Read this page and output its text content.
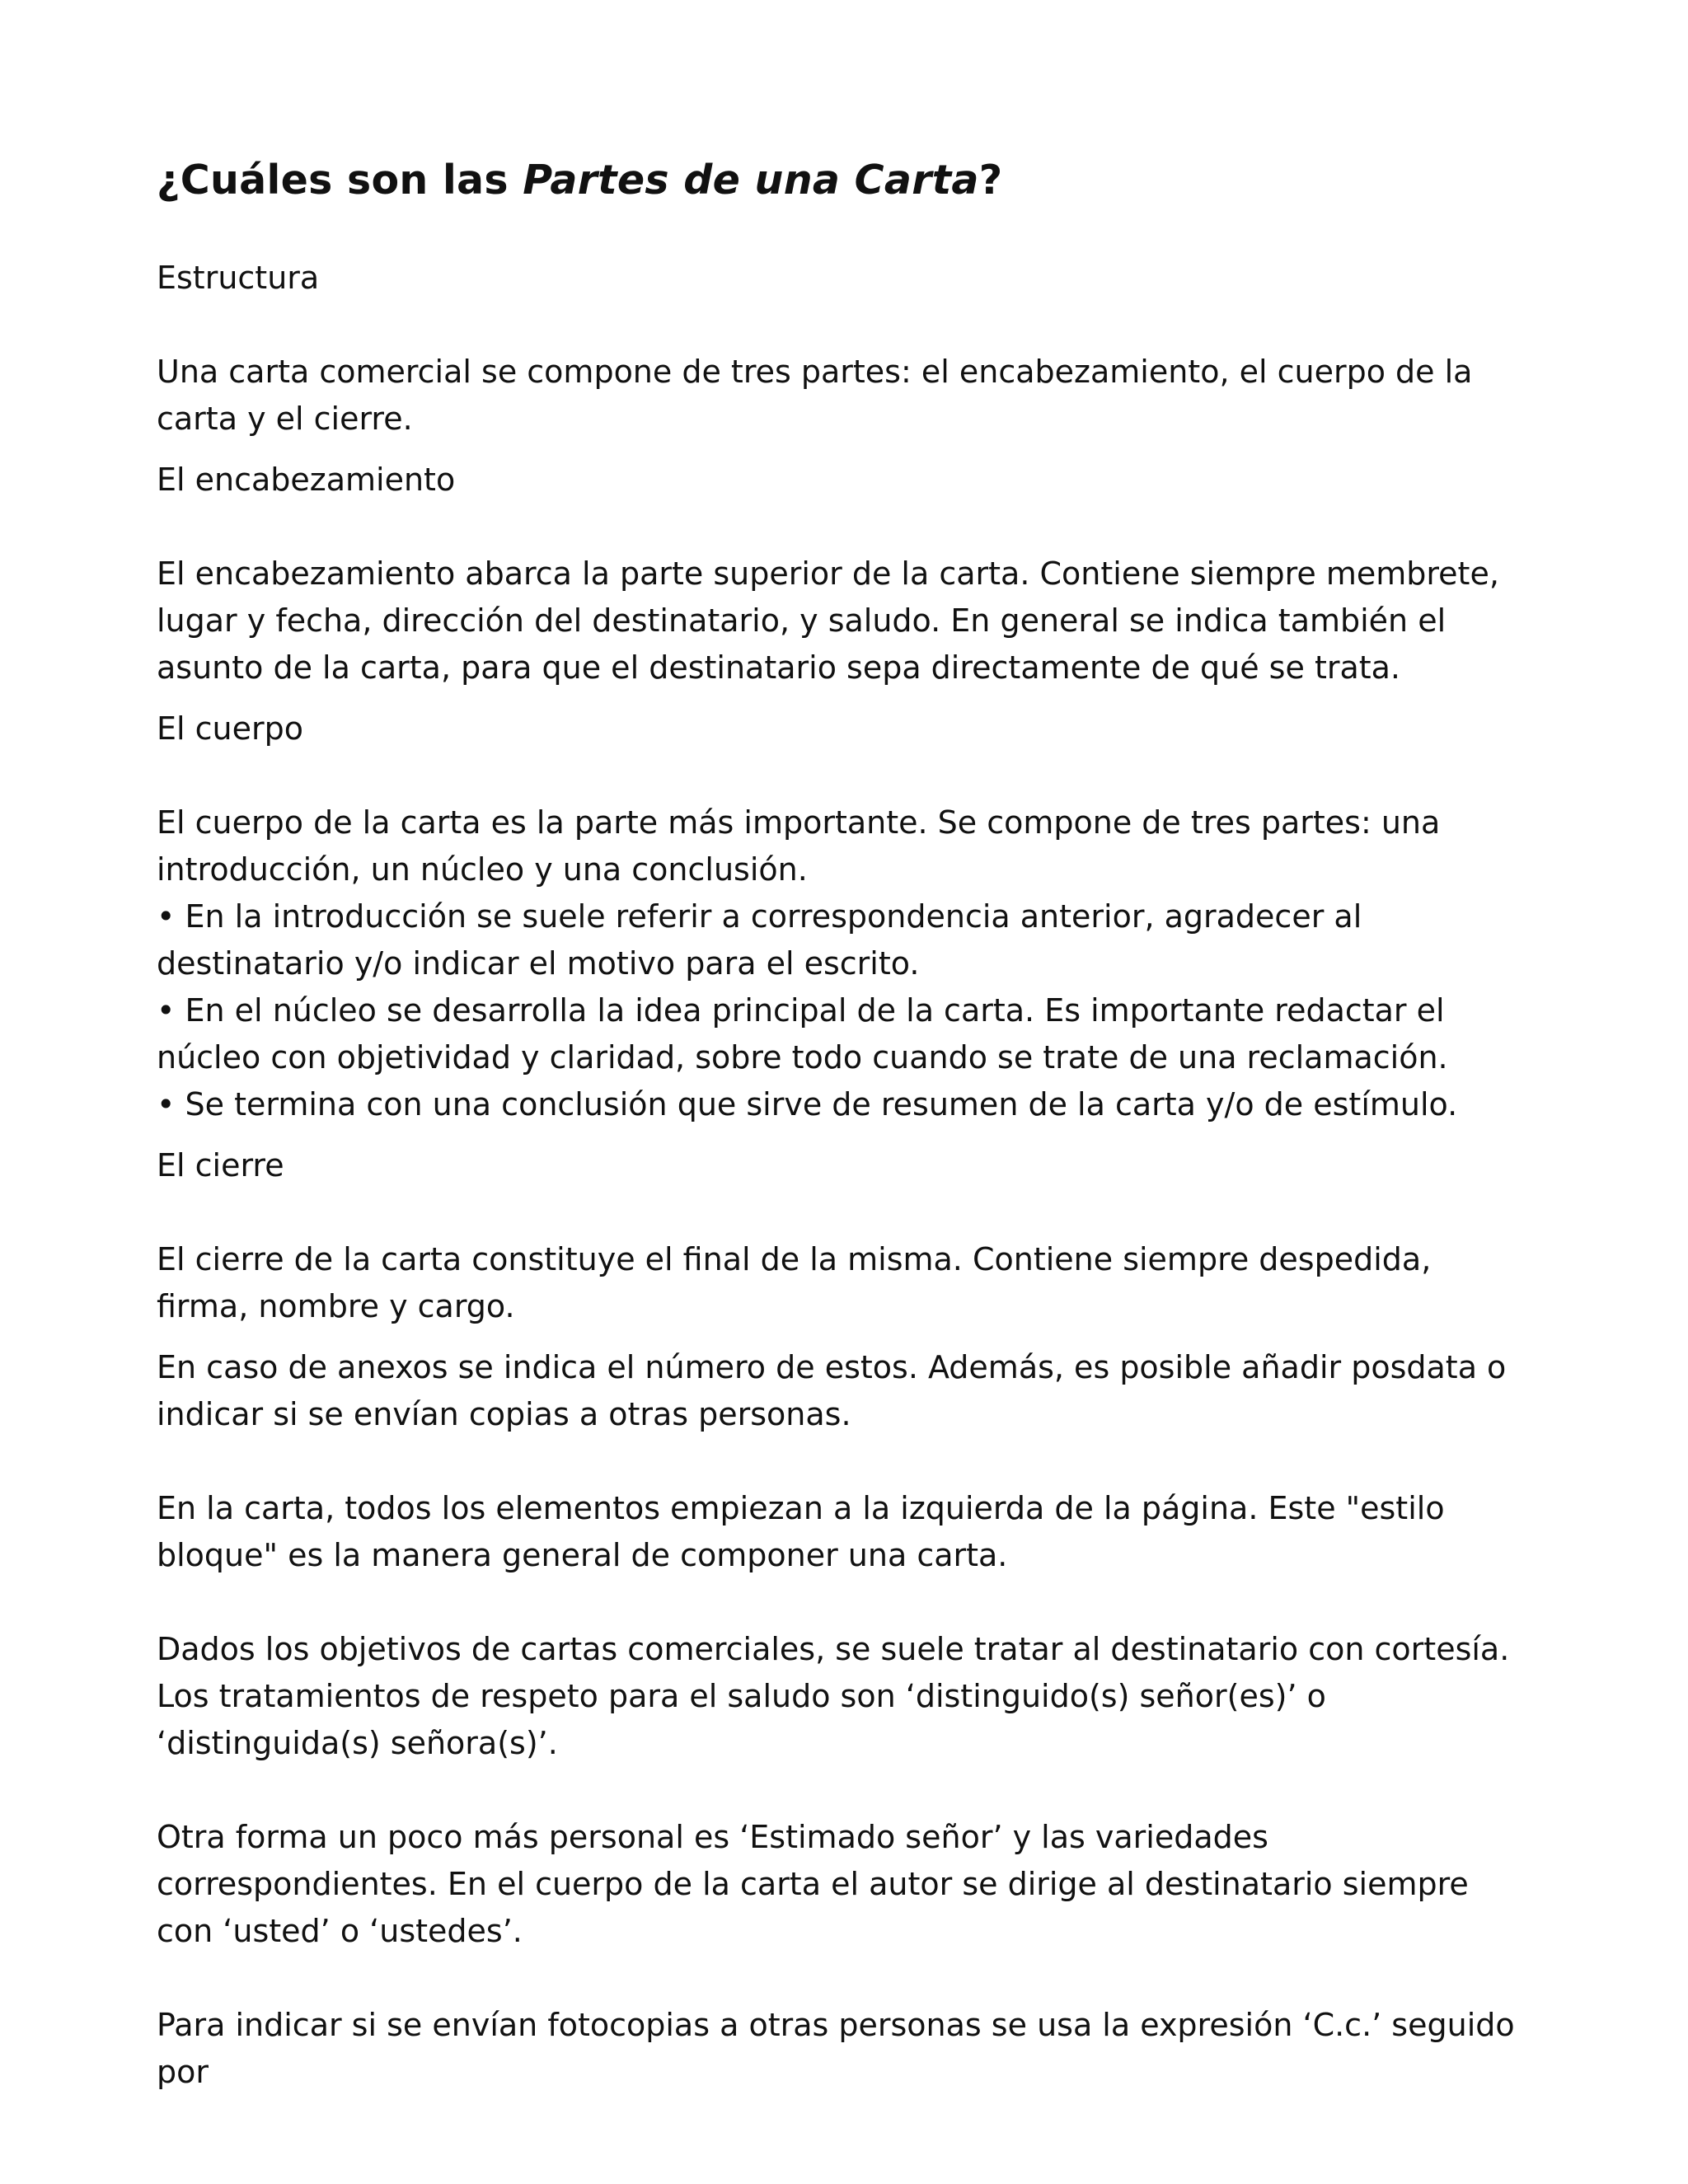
¿Cuáles son las Partes de una Carta?

Estructura

Una carta comercial se compone de tres partes: el encabezamiento, el cuerpo de la carta y el cierre.

El encabezamiento

El encabezamiento abarca la parte superior de la carta. Contiene siempre membrete, lugar y fecha, dirección del destinatario, y saludo. En general se indica también el asunto de la carta, para que el destinatario sepa directamente de qué se trata.

El cuerpo

El cuerpo de la carta es la parte más importante. Se compone de tres partes: una introducción, un núcleo y una conclusión.

• En la introducción se suele referir a correspondencia anterior, agradecer al destinatario y/o indicar el motivo para el escrito.
• En el núcleo se desarrolla la idea principal de la carta. Es importante redactar el núcleo con objetividad y claridad, sobre todo cuando se trate de una reclamación.
• Se termina con una conclusión que sirve de resumen de la carta y/o de estímulo.

El cierre

El cierre de la carta constituye el final de la misma. Contiene siempre despedida, firma, nombre y cargo.

En caso de anexos se indica el número de estos. Además, es posible añadir posdata o indicar si se envían copias a otras personas.

En la carta, todos los elementos empiezan a la izquierda de la página. Este "estilo bloque" es la manera general de componer una carta.

Dados los objetivos de cartas comerciales, se suele tratar al destinatario con cortesía. Los tratamientos de respeto para el saludo son ‘distinguido(s) señor(es)’ o ‘distinguida(s) señora(s)’.

Otra forma un poco más personal es ‘Estimado señor’ y las variedades correspondientes. En el cuerpo de la carta el autor se dirige al destinatario siempre con ‘usted’ o ‘ustedes’.

Para indicar si se envían fotocopias a otras personas se usa la expresión ‘C.c.’ seguido por
